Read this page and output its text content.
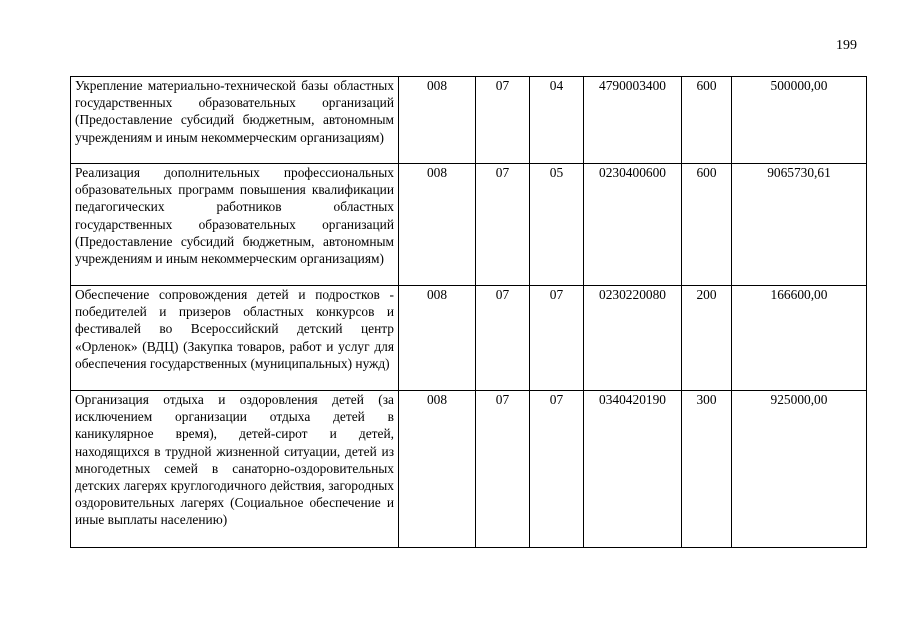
199
Укрепление материально-технической базы областных государственных образовательных организаций (Предоставление субсидий бюджетным, автономным учреждениям и иным некоммерческим организациям)	008	07	04	4790003400	600	500000,00
Реализация дополнительных профессиональных образовательных программ повышения квалификации педагогических работников областных государственных образовательных организаций (Предоставление субсидий бюджетным, автономным учреждениям и иным некоммерческим организациям)	008	07	05	0230400600	600	9065730,61
Обеспечение сопровождения детей и подростков - победителей и призеров областных конкурсов и фестивалей во Всероссийский детский центр «Орленок» (ВДЦ) (Закупка товаров, работ и услуг для обеспечения государственных (муниципальных) нужд)	008	07	07	0230220080	200	166600,00
Организация отдыха и оздоровления детей (за исключением организации отдыха детей в каникулярное время), детей-сирот и детей, находящихся в трудной жизненной ситуации, детей из многодетных семей в санаторно-оздоровительных детских лагерях круглогодичного действия, загородных оздоровительных лагерях (Социальное обеспечение и иные выплаты населению)	008	07	07	0340420190	300	925000,00
